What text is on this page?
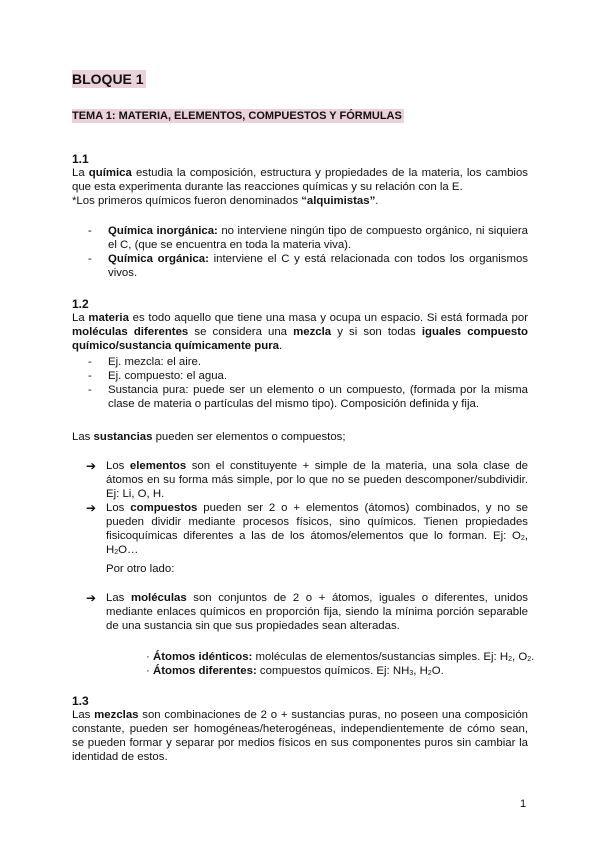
BLOQUE 1
TEMA 1: MATERIA, ELEMENTOS, COMPUESTOS Y FÓRMULAS
1.1

La química estudia la composición, estructura y propiedades de la materia, los cambios que esta experimenta durante las reacciones químicas y su relación con la E.

*Los primeros químicos fueron denominados “alquimistas”.

- Química inorgánica: no interviene ningún tipo de compuesto orgánico, ni siquiera el C, (que se encuentra en toda la materia viva).
- Química orgánica: interviene el C y está relacionada con todos los organismos vivos.
1.2

La materia es todo aquello que tiene una masa y ocupa un espacio. Si está formada por moléculas diferentes se considera una mezcla y si son todas iguales compuesto químico/sustancia químicamente pura.

- Ej. mezcla: el aire.
- Ej. compuesto: el agua.
- Sustancia pura: puede ser un elemento o un compuesto, (formada por la misma clase de materia o partículas del mismo tipo). Composición definida y fija.

Las sustancias pueden ser elementos o compuestos;

➔ Los elementos son el constituyente + simple de la materia, una sola clase de átomos en su forma más simple, por lo que no se pueden descomponer/subdividir. Ej: Li, O, H.
➔ Los compuestos pueden ser 2 o + elementos (átomos) combinados, y no se pueden dividir mediante procesos físicos, sino químicos. Tienen propiedades fisicoquímicas diferentes a las de los átomos/elementos que lo forman. Ej: $O_2$, $H_2O\dots$
Por otro lado:
➔ Las moléculas son conjuntos de 2 o + átomos, iguales o diferentes, unidos mediante enlaces químicos en proporción fija, siendo la mínima porción separable de una sustancia sin que sus propiedades sean alteradas.

· Átomos idénticos: moléculas de elementos/sustancias simples. Ej: $H_2$, $O_2$.

· Átomos diferentes: compuestos químicos. Ej: $NH_3$, $H_2O$.

1.3

Las mezclas son combinaciones de 2 o + sustancias puras, no poseen una composición constante, pueden ser homogéneas/heterogéneas, independientemente de cómo sean, se pueden formar y separar por medios físicos en sus componentes puros sin cambiar la identidad de estos.

1
